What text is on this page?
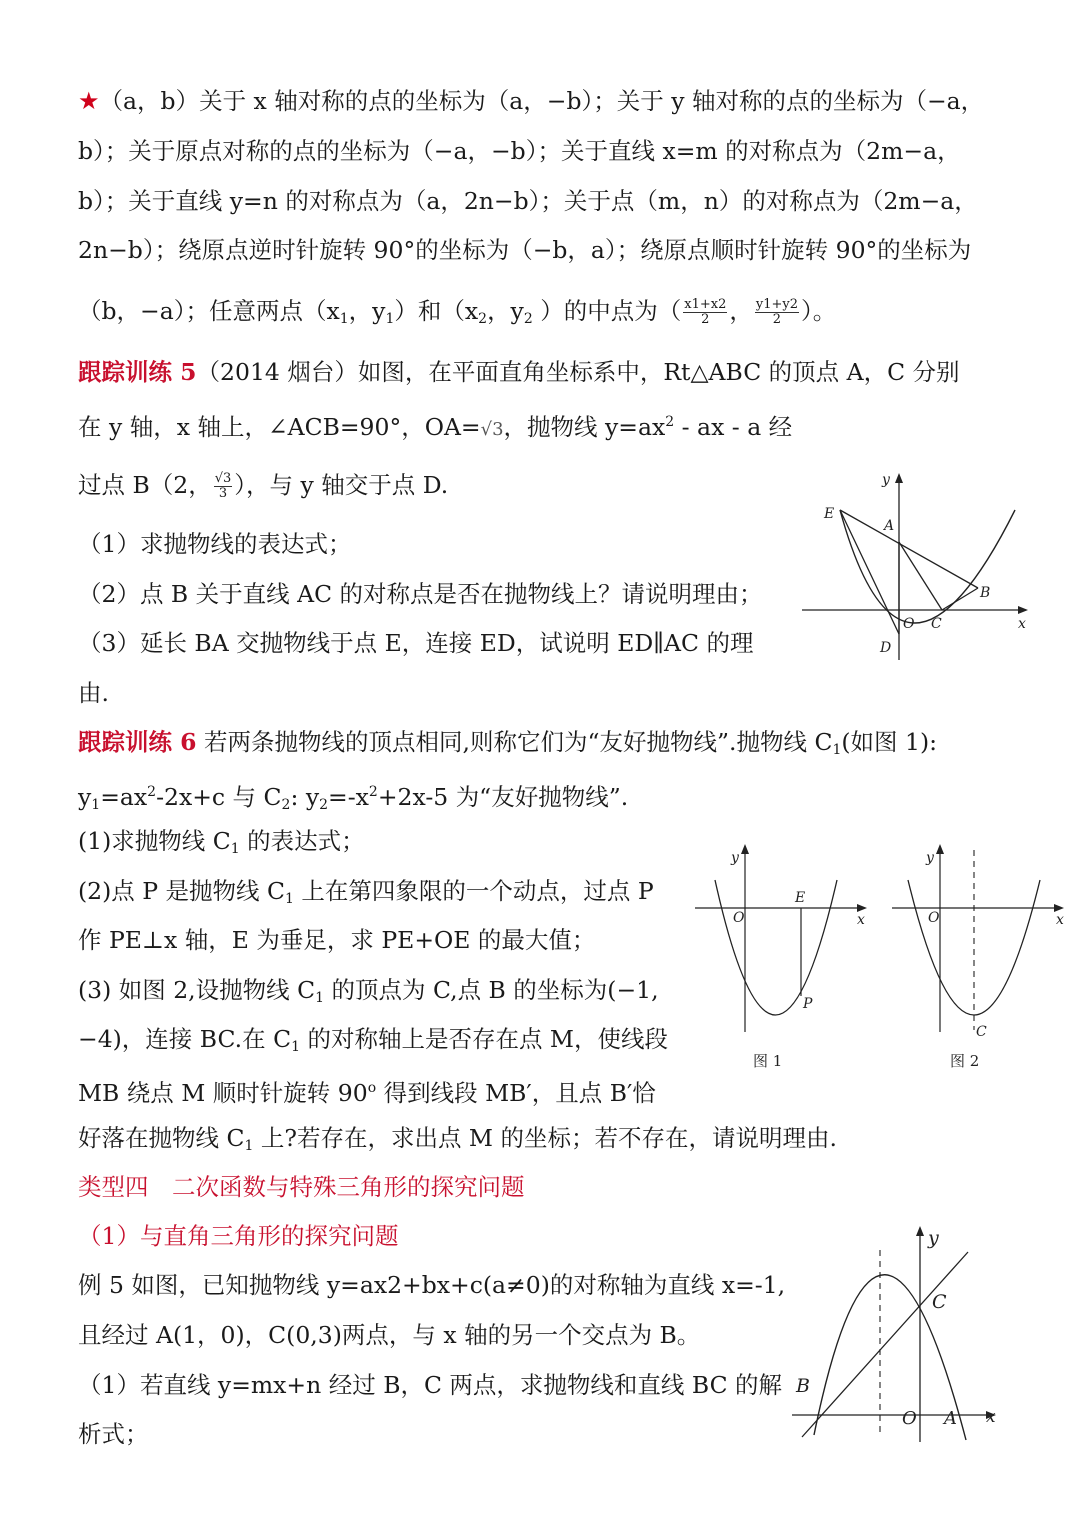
★（a，b）关于 x 轴对称的点的坐标为（a，−b）；关于 y 轴对称的点的坐标为（−a，
b）；关于原点对称的点的坐标为（−a，−b）；关于直线 x=m 的对称点为（2m−a，
b）；关于直线 y=n 的对称点为（a，2n−b）；关于点（m，n）的对称点为（2m−a，
2n−b）；绕原点逆时针旋转 90°的坐标为（−b，a）；绕原点顺时针旋转 90°的坐标为
（b，−a）；任意两点（$x_1$，$y_1$）和（$x_2$，$y_2$ ）的中点为（ $\frac{x1+x2}{2}$ ， $\frac{y1+y2}{2}$ ）。
跟踪训练 5（2014 烟台）如图，在平面直角坐标系中，Rt△ABC 的顶点 A，C 分别
在 y 轴，x 轴上，∠ACB=90°，OA=√3，抛物线 $y=ax^2$ - ax - a 经
过点 B（2， $\frac{√3}{3}$ ），与 y 轴交于点 D.
（1）求抛物线的表达式；
（2）点 B 关于直线 AC 的对称点是否在抛物线上？请说明理由；
（3）延长 BA 交抛物线于点 E，连接 ED，试说明 ED∥AC 的理
由.
y
x
E
A
B
O C
D
跟踪训练 6 若两条抛物线的顶点相同,则称它们为“友好抛物线”.抛物线 $C_1$(如图 1):
$y_1=ax^2-2x+c$ 与 $C_2$: $y_2=-x^2+2x-5$ 为“友好抛物线”.
(1)求抛物线 $C_1$ 的表达式；
(2)点 P 是抛物线 $C_1$ 上在第四象限的一个动点，过点 P
作 PE⊥x 轴，E 为垂足，求 PE+OE 的最大值；
(3) 如图 2,设抛物线 $C_1$ 的顶点为 C,点 B 的坐标为(−1,
−4)，连接 BC.在 $C_1$ 的对称轴上是否存在点 M，使线段
MB 绕点 M 顺时针旋转 90$^o$ 得到线段 MB′，且点 B′恰
好落在抛物线 $C_1$ 上?若存在，求出点 M 的坐标；若不存在，请说明理由.
y
x
O
E
P
图 1
y
x
O
C
图 2
类型四　二次函数与特殊三角形的探究问题
（1）与直角三角形的探究问题
例 5 如图，已知抛物线 y=ax2+bx+c(a≠0)的对称轴为直线 x=-1,
且经过 A(1，0)，C(0,3)两点，与 x 轴的另一个交点为 B。
（1）若直线 y=mx+n 经过 B，C 两点，求抛物线和直线 BC 的解
析式；
y
x
C
B
O A
